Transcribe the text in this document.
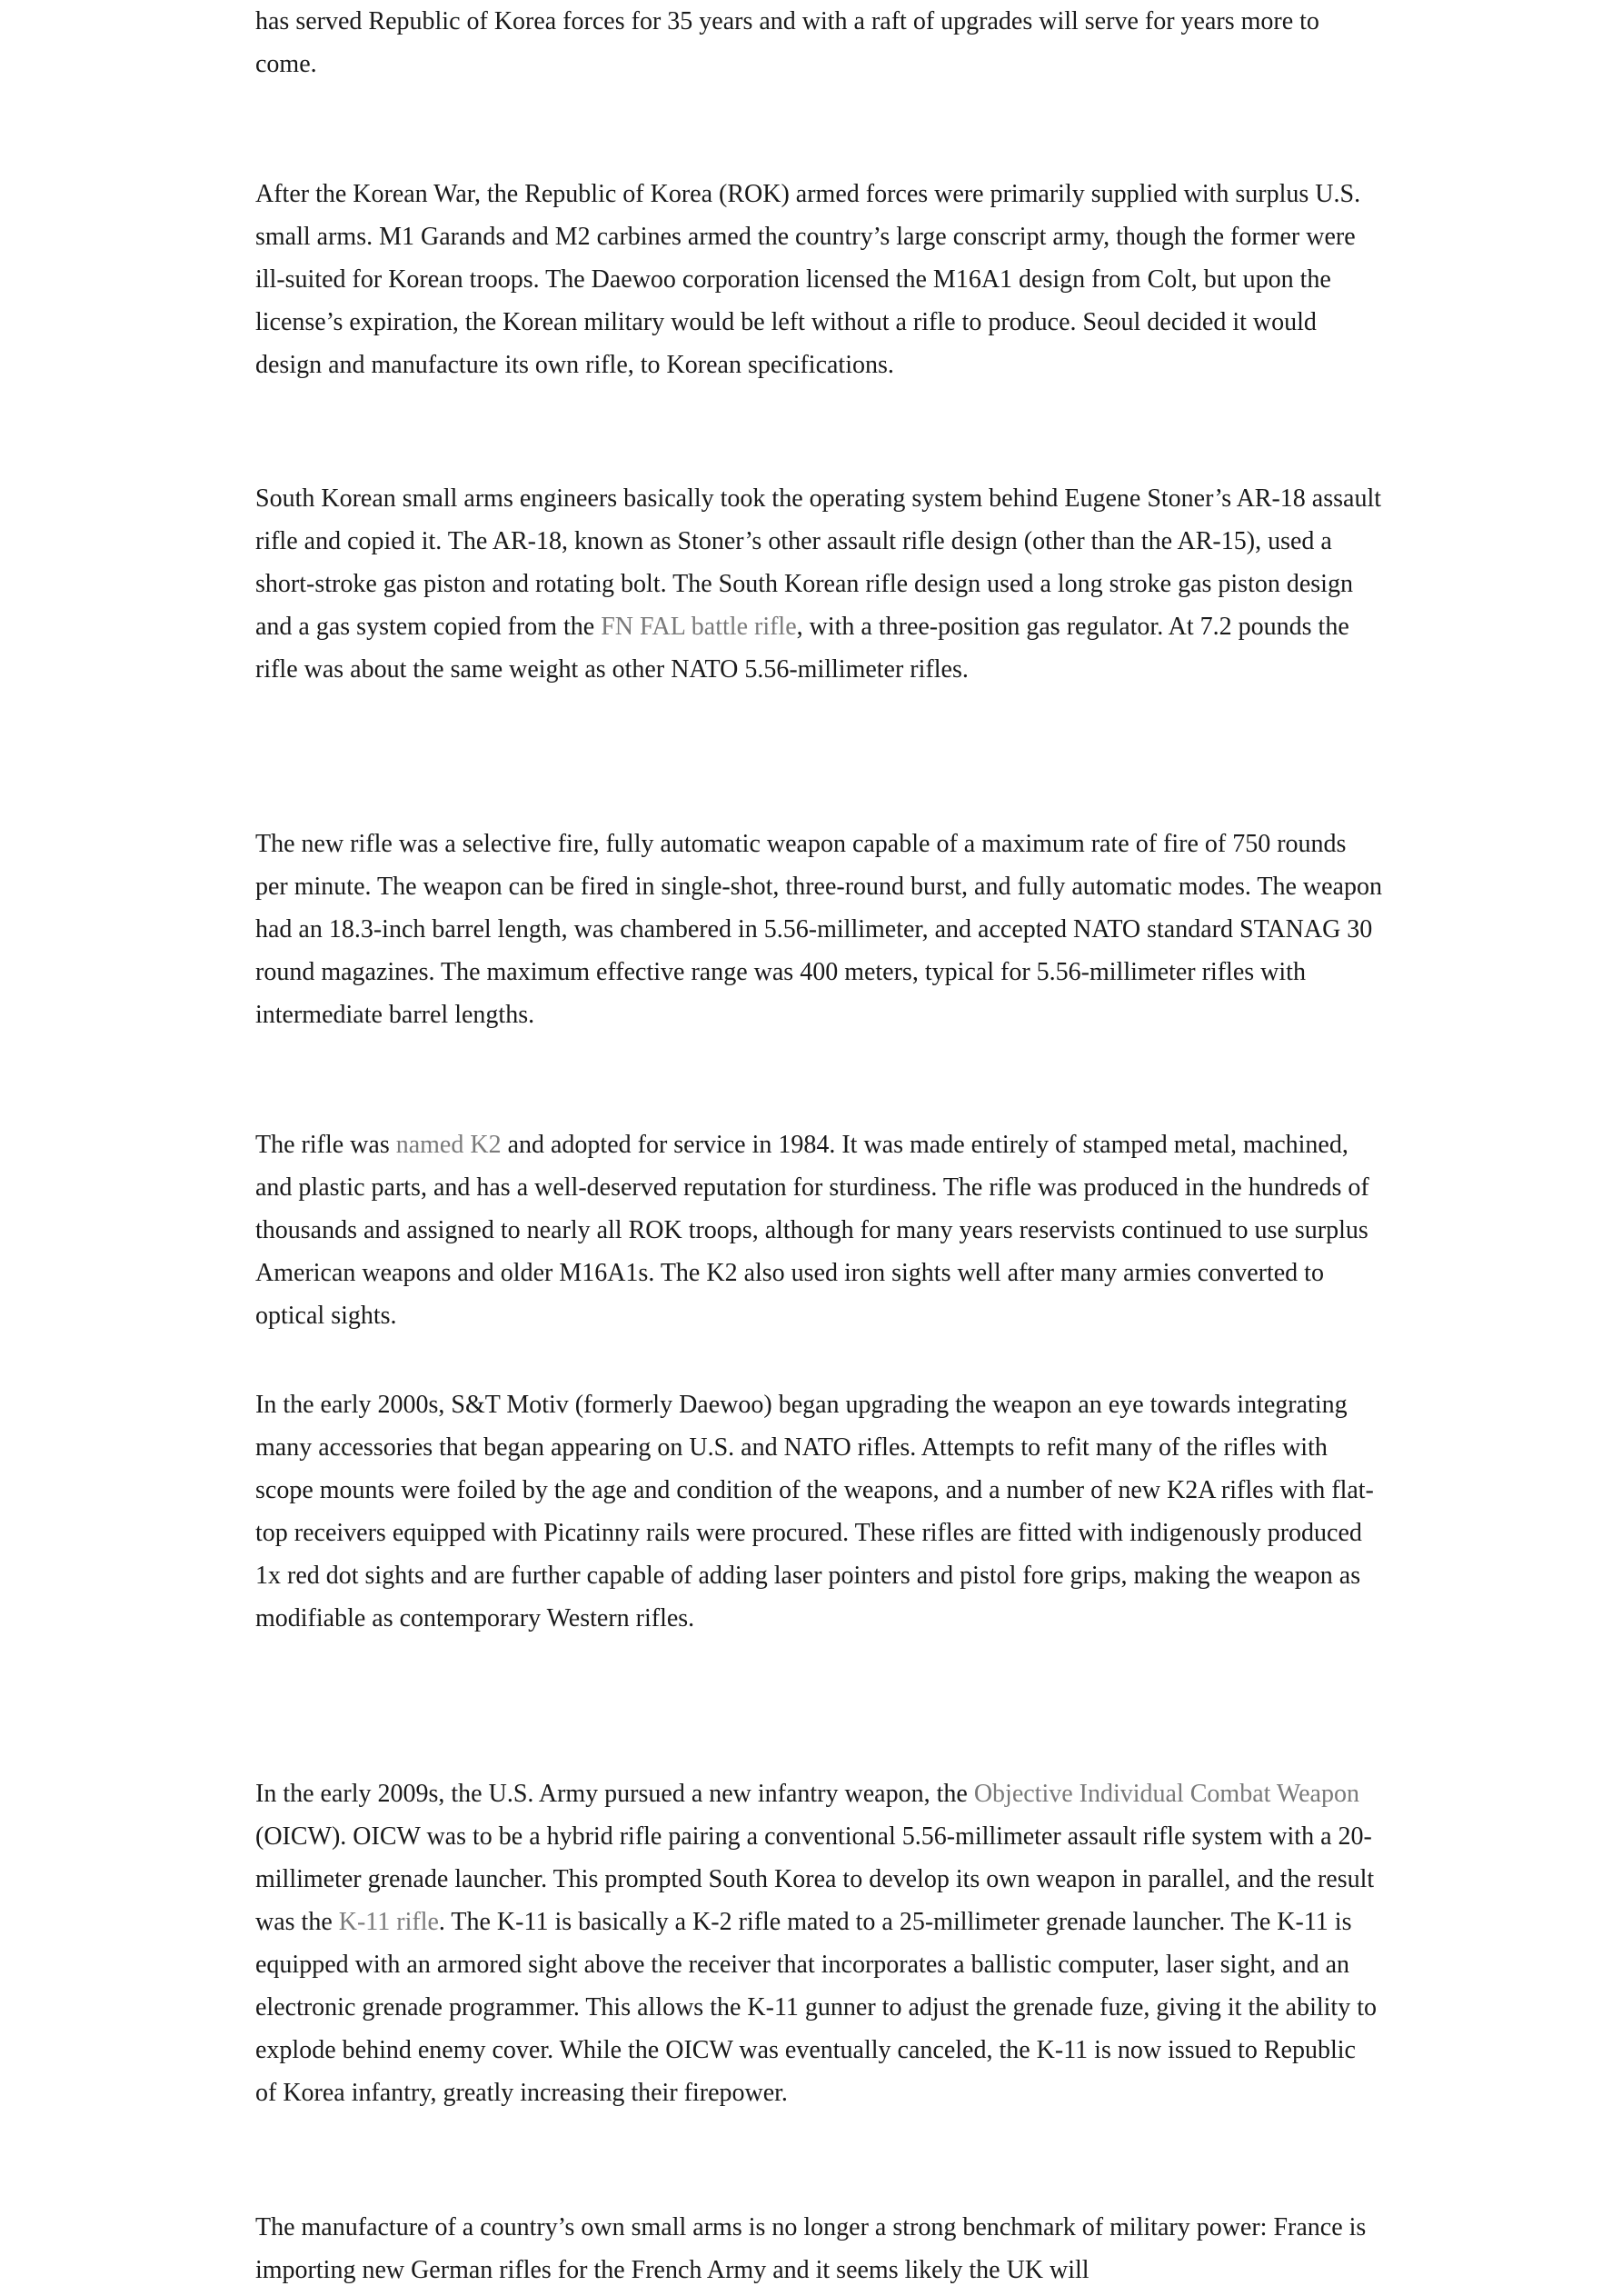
has served Republic of Korea forces for 35 years and with a raft of upgrades will serve for years more to come.

After the Korean War, the Republic of Korea (ROK) armed forces were primarily supplied with surplus U.S. small arms. M1 Garands and M2 carbines armed the country’s large conscript army, though the former were ill-suited for Korean troops. The Daewoo corporation licensed the M16A1 design from Colt, but upon the license’s expiration, the Korean military would be left without a rifle to produce. Seoul decided it would design and manufacture its own rifle, to Korean specifications.

South Korean small arms engineers basically took the operating system behind Eugene Stoner’s AR-18 assault rifle and copied it. The AR-18, known as Stoner’s other assault rifle design (other than the AR-15), used a short-stroke gas piston and rotating bolt. The South Korean rifle design used a long stroke gas piston design and a gas system copied from the FN FAL battle rifle, with a three-position gas regulator. At 7.2 pounds the rifle was about the same weight as other NATO 5.56-millimeter rifles.

The new rifle was a selective fire, fully automatic weapon capable of a maximum rate of fire of 750 rounds per minute. The weapon can be fired in single-shot, three-round burst, and fully automatic modes. The weapon had an 18.3-inch barrel length, was chambered in 5.56-millimeter, and accepted NATO standard STANAG 30 round magazines. The maximum effective range was 400 meters, typical for 5.56-millimeter rifles with intermediate barrel lengths.

The rifle was named K2 and adopted for service in 1984. It was made entirely of stamped metal, machined, and plastic parts, and has a well-deserved reputation for sturdiness. The rifle was produced in the hundreds of thousands and assigned to nearly all ROK troops, although for many years reservists continued to use surplus American weapons and older M16A1s. The K2 also used iron sights well after many armies converted to optical sights.

In the early 2000s, S&T Motiv (formerly Daewoo) began upgrading the weapon an eye towards integrating many accessories that began appearing on U.S. and NATO rifles. Attempts to refit many of the rifles with scope mounts were foiled by the age and condition of the weapons, and a number of new K2A rifles with flat-top receivers equipped with Picatinny rails were procured. These rifles are fitted with indigenously produced 1x red dot sights and are further capable of adding laser pointers and pistol fore grips, making the weapon as modifiable as contemporary Western rifles.

In the early 2009s, the U.S. Army pursued a new infantry weapon, the Objective Individual Combat Weapon (OICW). OICW was to be a hybrid rifle pairing a conventional 5.56-millimeter assault rifle system with a 20-millimeter grenade launcher. This prompted South Korea to develop its own weapon in parallel, and the result was the K-11 rifle. The K-11 is basically a K-2 rifle mated to a 25-millimeter grenade launcher. The K-11 is equipped with an armored sight above the receiver that incorporates a ballistic computer, laser sight, and an electronic grenade programmer. This allows the K-11 gunner to adjust the grenade fuze, giving it the ability to explode behind enemy cover. While the OICW was eventually canceled, the K-11 is now issued to Republic of Korea infantry, greatly increasing their firepower.

The manufacture of a country’s own small arms is no longer a strong benchmark of military power: France is importing new German rifles for the French Army and it seems likely the UK will
